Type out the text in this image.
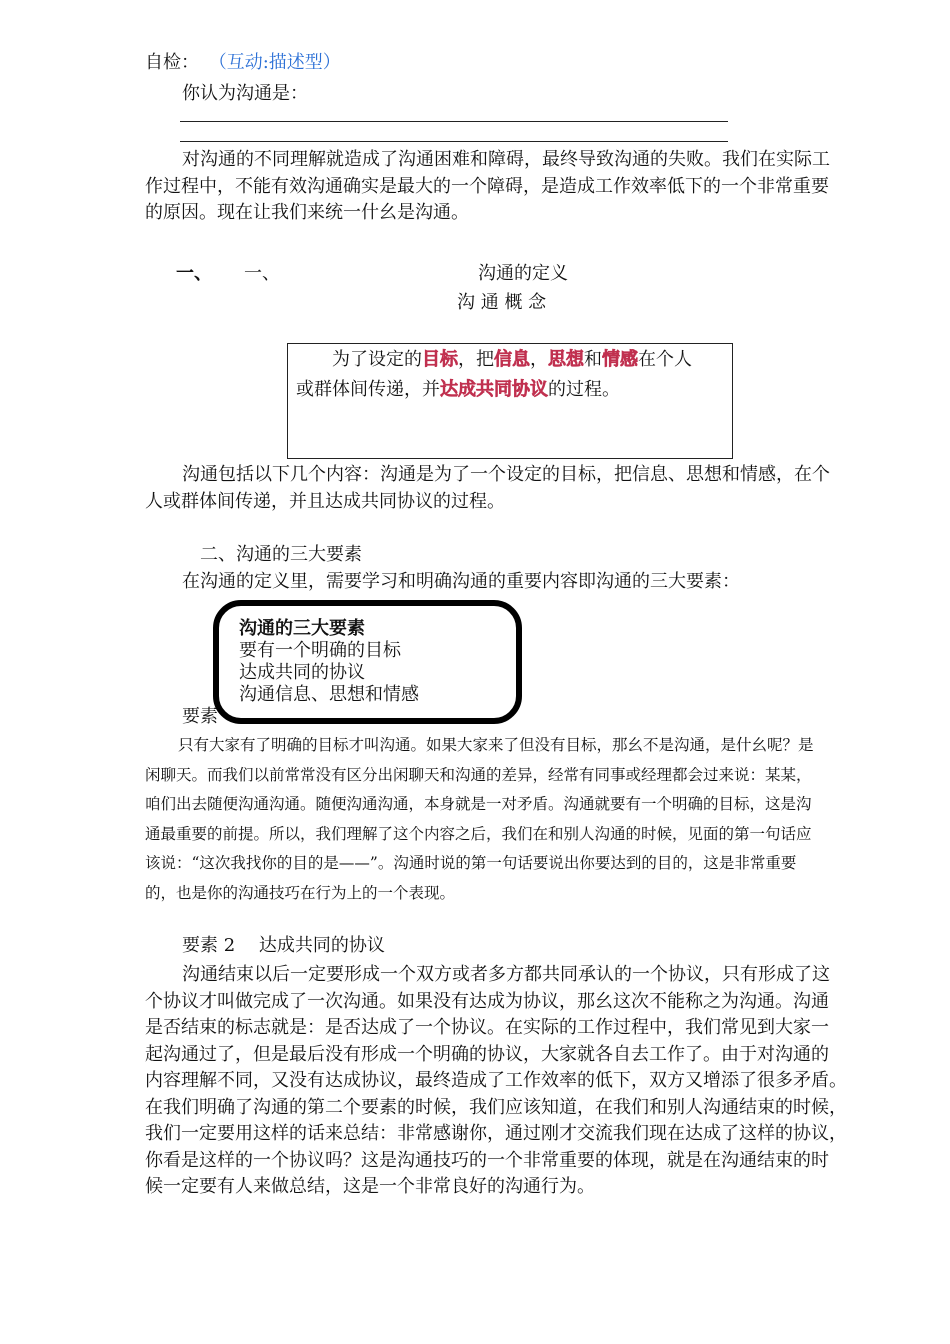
自检： （互动:描述型）
你认为沟通是：
对沟通的不同理解就造成了沟通困难和障碍，最终导致沟通的失败。我们在实际工
作过程中，不能有效沟通确实是最大的一个障碍，是造成工作效率低下的一个非常重要
的原因。现在让我们来统一什幺是沟通。
一、 一、	沟通的定义
沟 通 概 念
为了设定的目标，把信息，思想和情感在个人
或群体间传递，并达成共同协议的过程。
沟通包括以下几个内容：沟通是为了一个设定的目标，把信息、思想和情感，在个
人或群体间传递，并且达成共同协议的过程。
二、沟通的三大要素
在沟通的定义里，需要学习和明确沟通的重要内容即沟通的三大要素：
要素
沟通的三大要素
要有一个明确的目标
达成共同的协议
沟通信息、思想和情感
只有大家有了明确的目标才叫沟通。如果大家来了但没有目标，那幺不是沟通，是什幺呢？是
闲聊天。而我们以前常常没有区分出闲聊天和沟通的差异，经常有同事或经理都会过来说：某某，
咱们出去随便沟通沟通。随便沟通沟通，本身就是一对矛盾。沟通就要有一个明确的目标，这是沟
通最重要的前提。所以，我们理解了这个内容之后，我们在和别人沟通的时候，见面的第一句话应
该说：“这次我找你的目的是——”。沟通时说的第一句话要说出你要达到的目的，这是非常重要
的，也是你的沟通技巧在行为上的一个表现。
要素 2　 达成共同的协议
沟通结束以后一定要形成一个双方或者多方都共同承认的一个协议，只有形成了这
个协议才叫做完成了一次沟通。如果没有达成为协议，那幺这次不能称之为沟通。沟通
是否结束的标志就是：是否达成了一个协议。在实际的工作过程中，我们常见到大家一
起沟通过了，但是最后没有形成一个明确的协议，大家就各自去工作了。由于对沟通的
内容理解不同，又没有达成协议，最终造成了工作效率的低下，双方又增添了很多矛盾。
在我们明确了沟通的第二个要素的时候，我们应该知道，在我们和别人沟通结束的时候，
我们一定要用这样的话来总结：非常感谢你，通过刚才交流我们现在达成了这样的协议，
你看是这样的一个协议吗？这是沟通技巧的一个非常重要的体现，就是在沟通结束的时
候一定要有人来做总结，这是一个非常良好的沟通行为。
